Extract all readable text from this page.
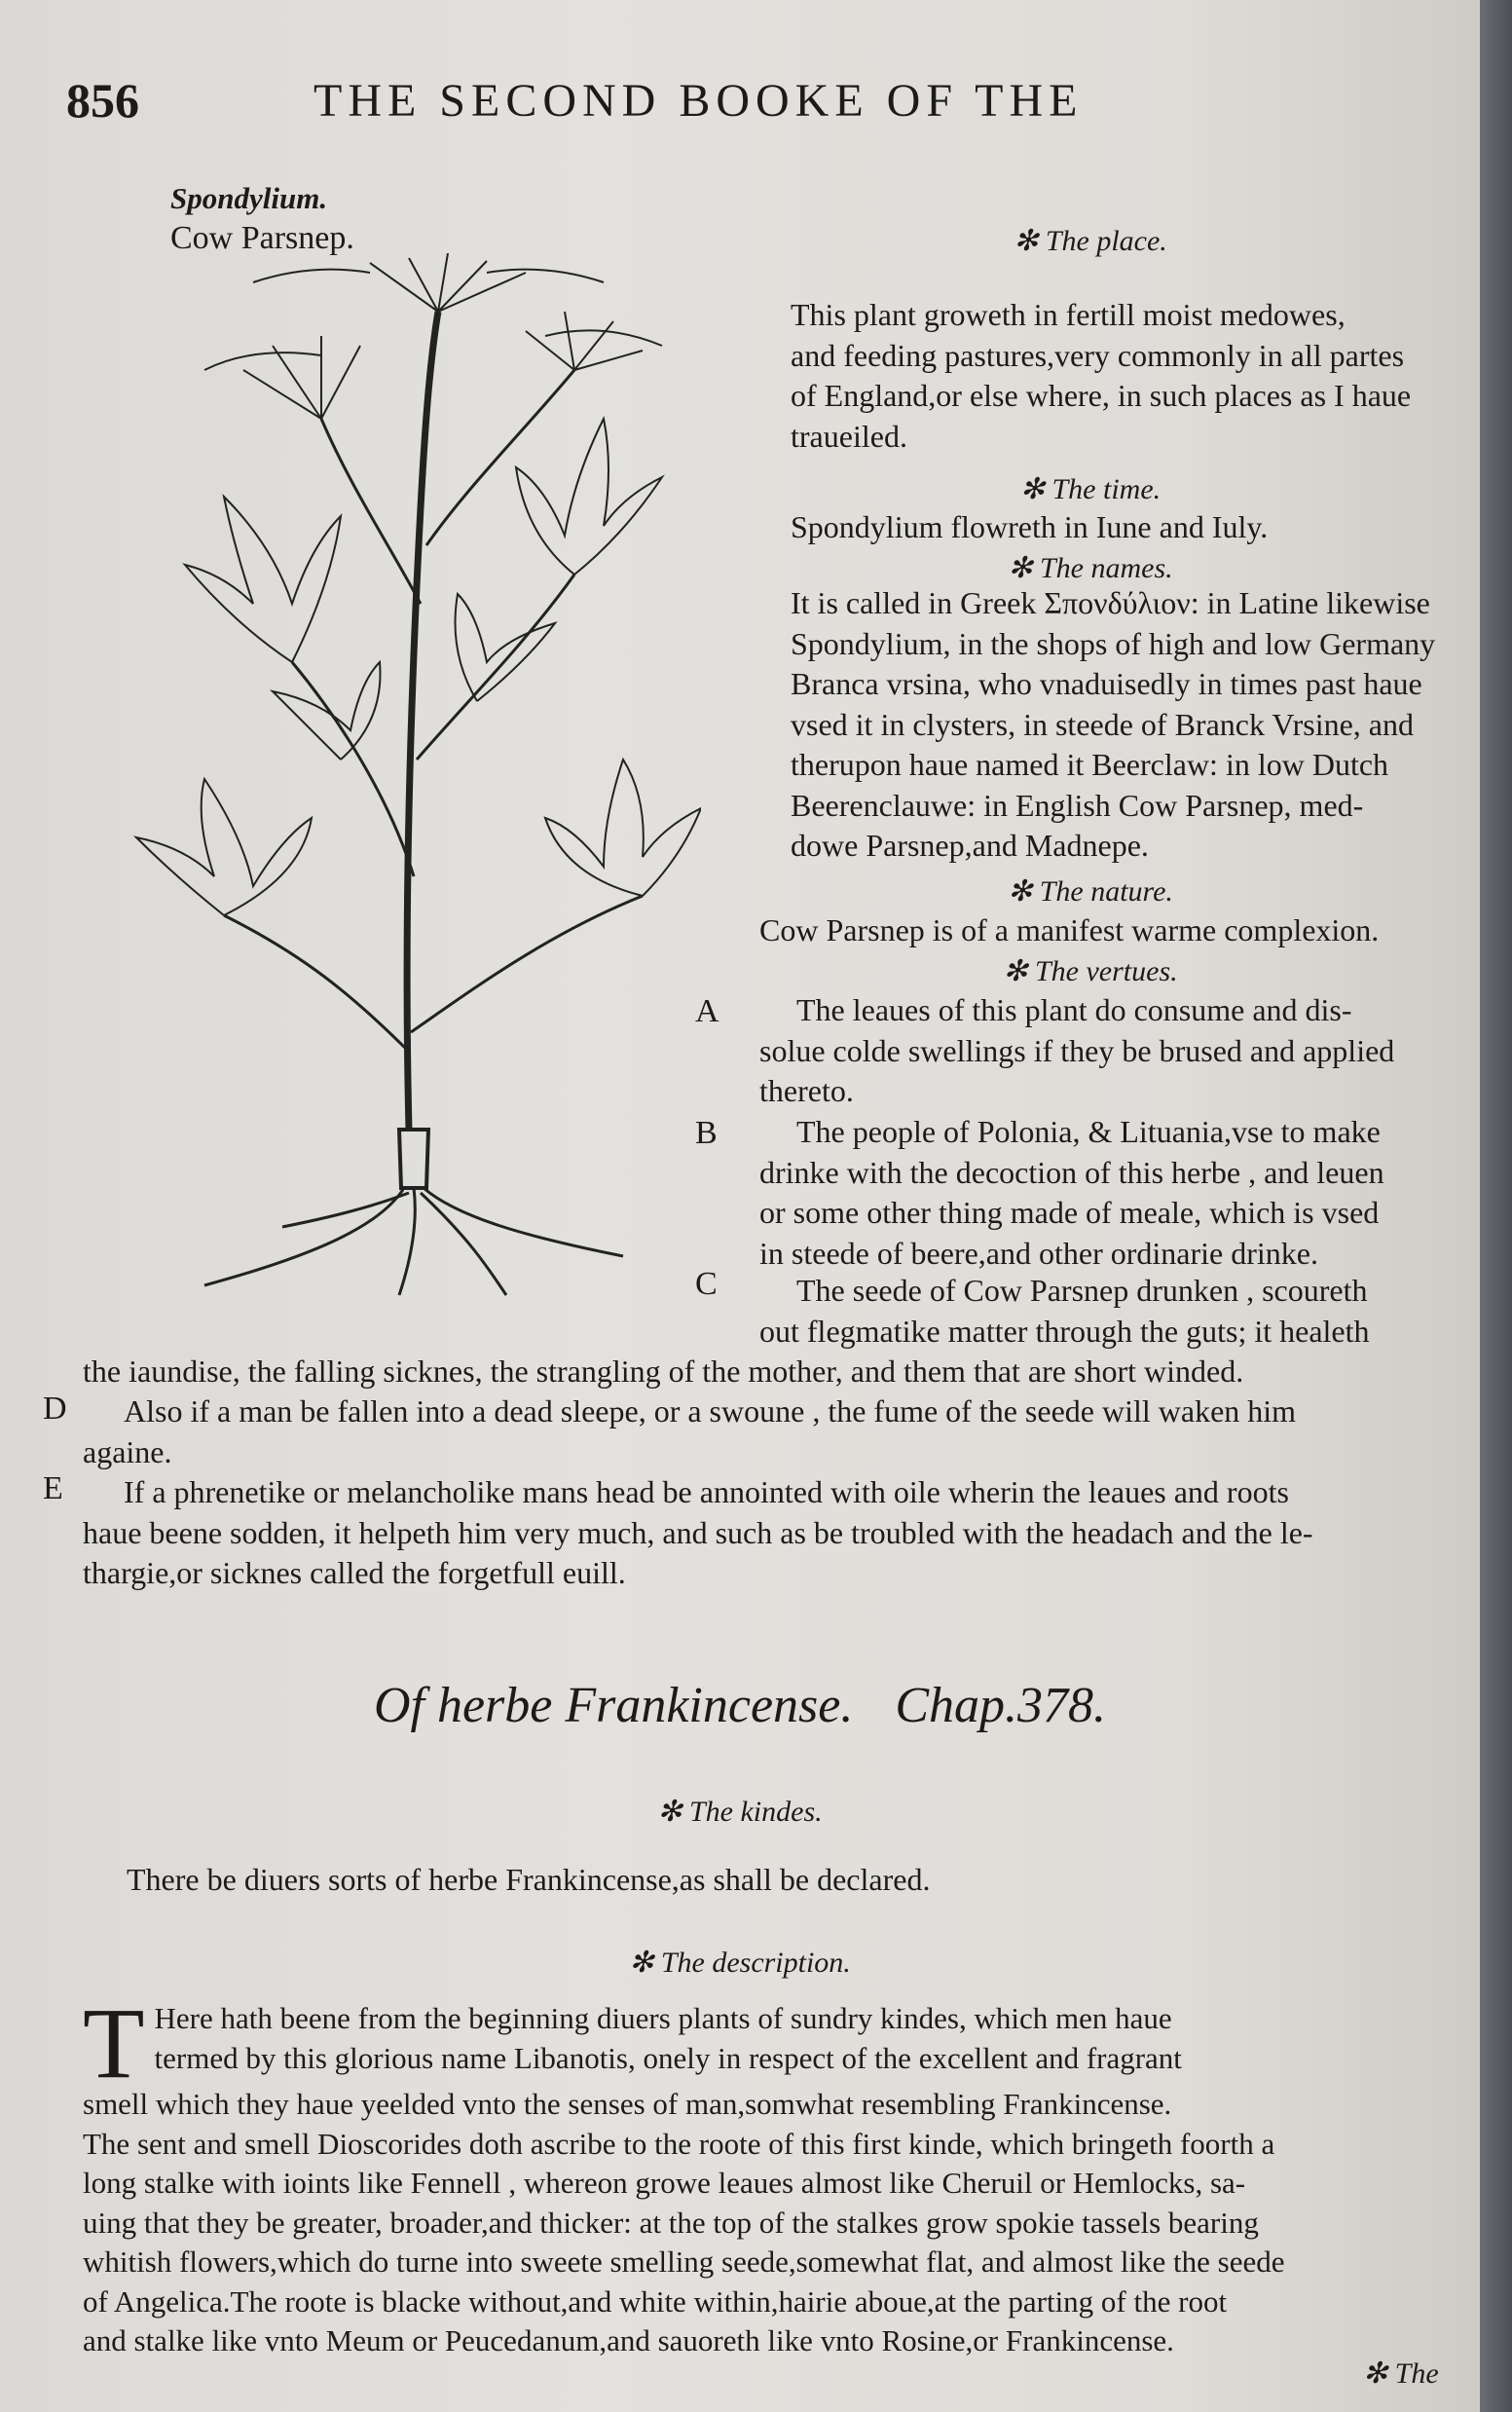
856	THE SECOND BOOKE OF THE
Spondylium.
Cow Parsnep.	✻ The place.

This plant groweth in fertill moist medowes,

and feeding pastures,very commonly in all partes

of England,or else where, in such places as I haue

traueiled.

✻ The time.

Spondylium flowreth in Iune and Iuly.

✻ The names.

It is called in Greek Σπονδύλιον: in Latine likewise

Spondylium, in the shops of high and low Germany

Branca vrsina, who vnaduisedly in times past haue

vsed it in clysters, in steede of Branck Vrsine, and

therupon haue named it Beerclaw: in low Dutch

Beerenclauwe: in English Cow Parsnep, med-

dowe Parsnep,and Madnepe.

✻ The nature.

Cow Parsnep is of a manifest warme complexion.

✻ The vertues.
A	The leaues of this plant do consume and dis-

solue colde swellings if they be brused and applied

thereto.

B	The people of Polonia, & Lituania,vse to make

drinke with the decoction of this herbe , and leuen

or some other thing made of meale, which is vsed

in steede of beere,and other ordinarie drinke.

C	The seede of Cow Parsnep drunken , scoureth

out flegmatike matter through the guts; it healeth

the iaundise, the falling sicknes, the strangling of the mother, and them that are short winded.

D	Also if a man be fallen into a dead sleepe, or a swoune , the fume of the seede will waken him

againe.

E	If a phrenetike or melancholike mans head be annointed with oile wherin the leaues and roots

haue beene sodden, it helpeth him very much, and such as be troubled with the headach and the le-

thargie,or sicknes called the forgetfull euill.

Of herbe Frankincense. Chap.378.
✻ The kindes.

There be diuers sorts of herbe Frankincense,as shall be declared.

✻ The description.
T Here hath beene from the beginning diuers plants of sundry kindes, which men haue

termed by this glorious name Libanotis, onely in respect of the excellent and fragrant

smell which they haue yeelded vnto the senses of man,somwhat resembling Frankincense.

The sent and smell Dioscorides doth ascribe to the roote of this first kinde, which bringeth foorth a

long stalke with ioints like Fennell , whereon growe leaues almost like Cheruil or Hemlocks, sa-

uing that they be greater, broader,and thicker: at the top of the stalkes grow spokie tassels bearing

whitish flowers,which do turne into sweete smelling seede,somewhat flat, and almost like the seede

of Angelica.The roote is blacke without,and white within,hairie aboue,at the parting of the root

and stalke like vnto Meum or Peucedanum,and sauoreth like vnto Rosine,or Frankincense.

✻ The
